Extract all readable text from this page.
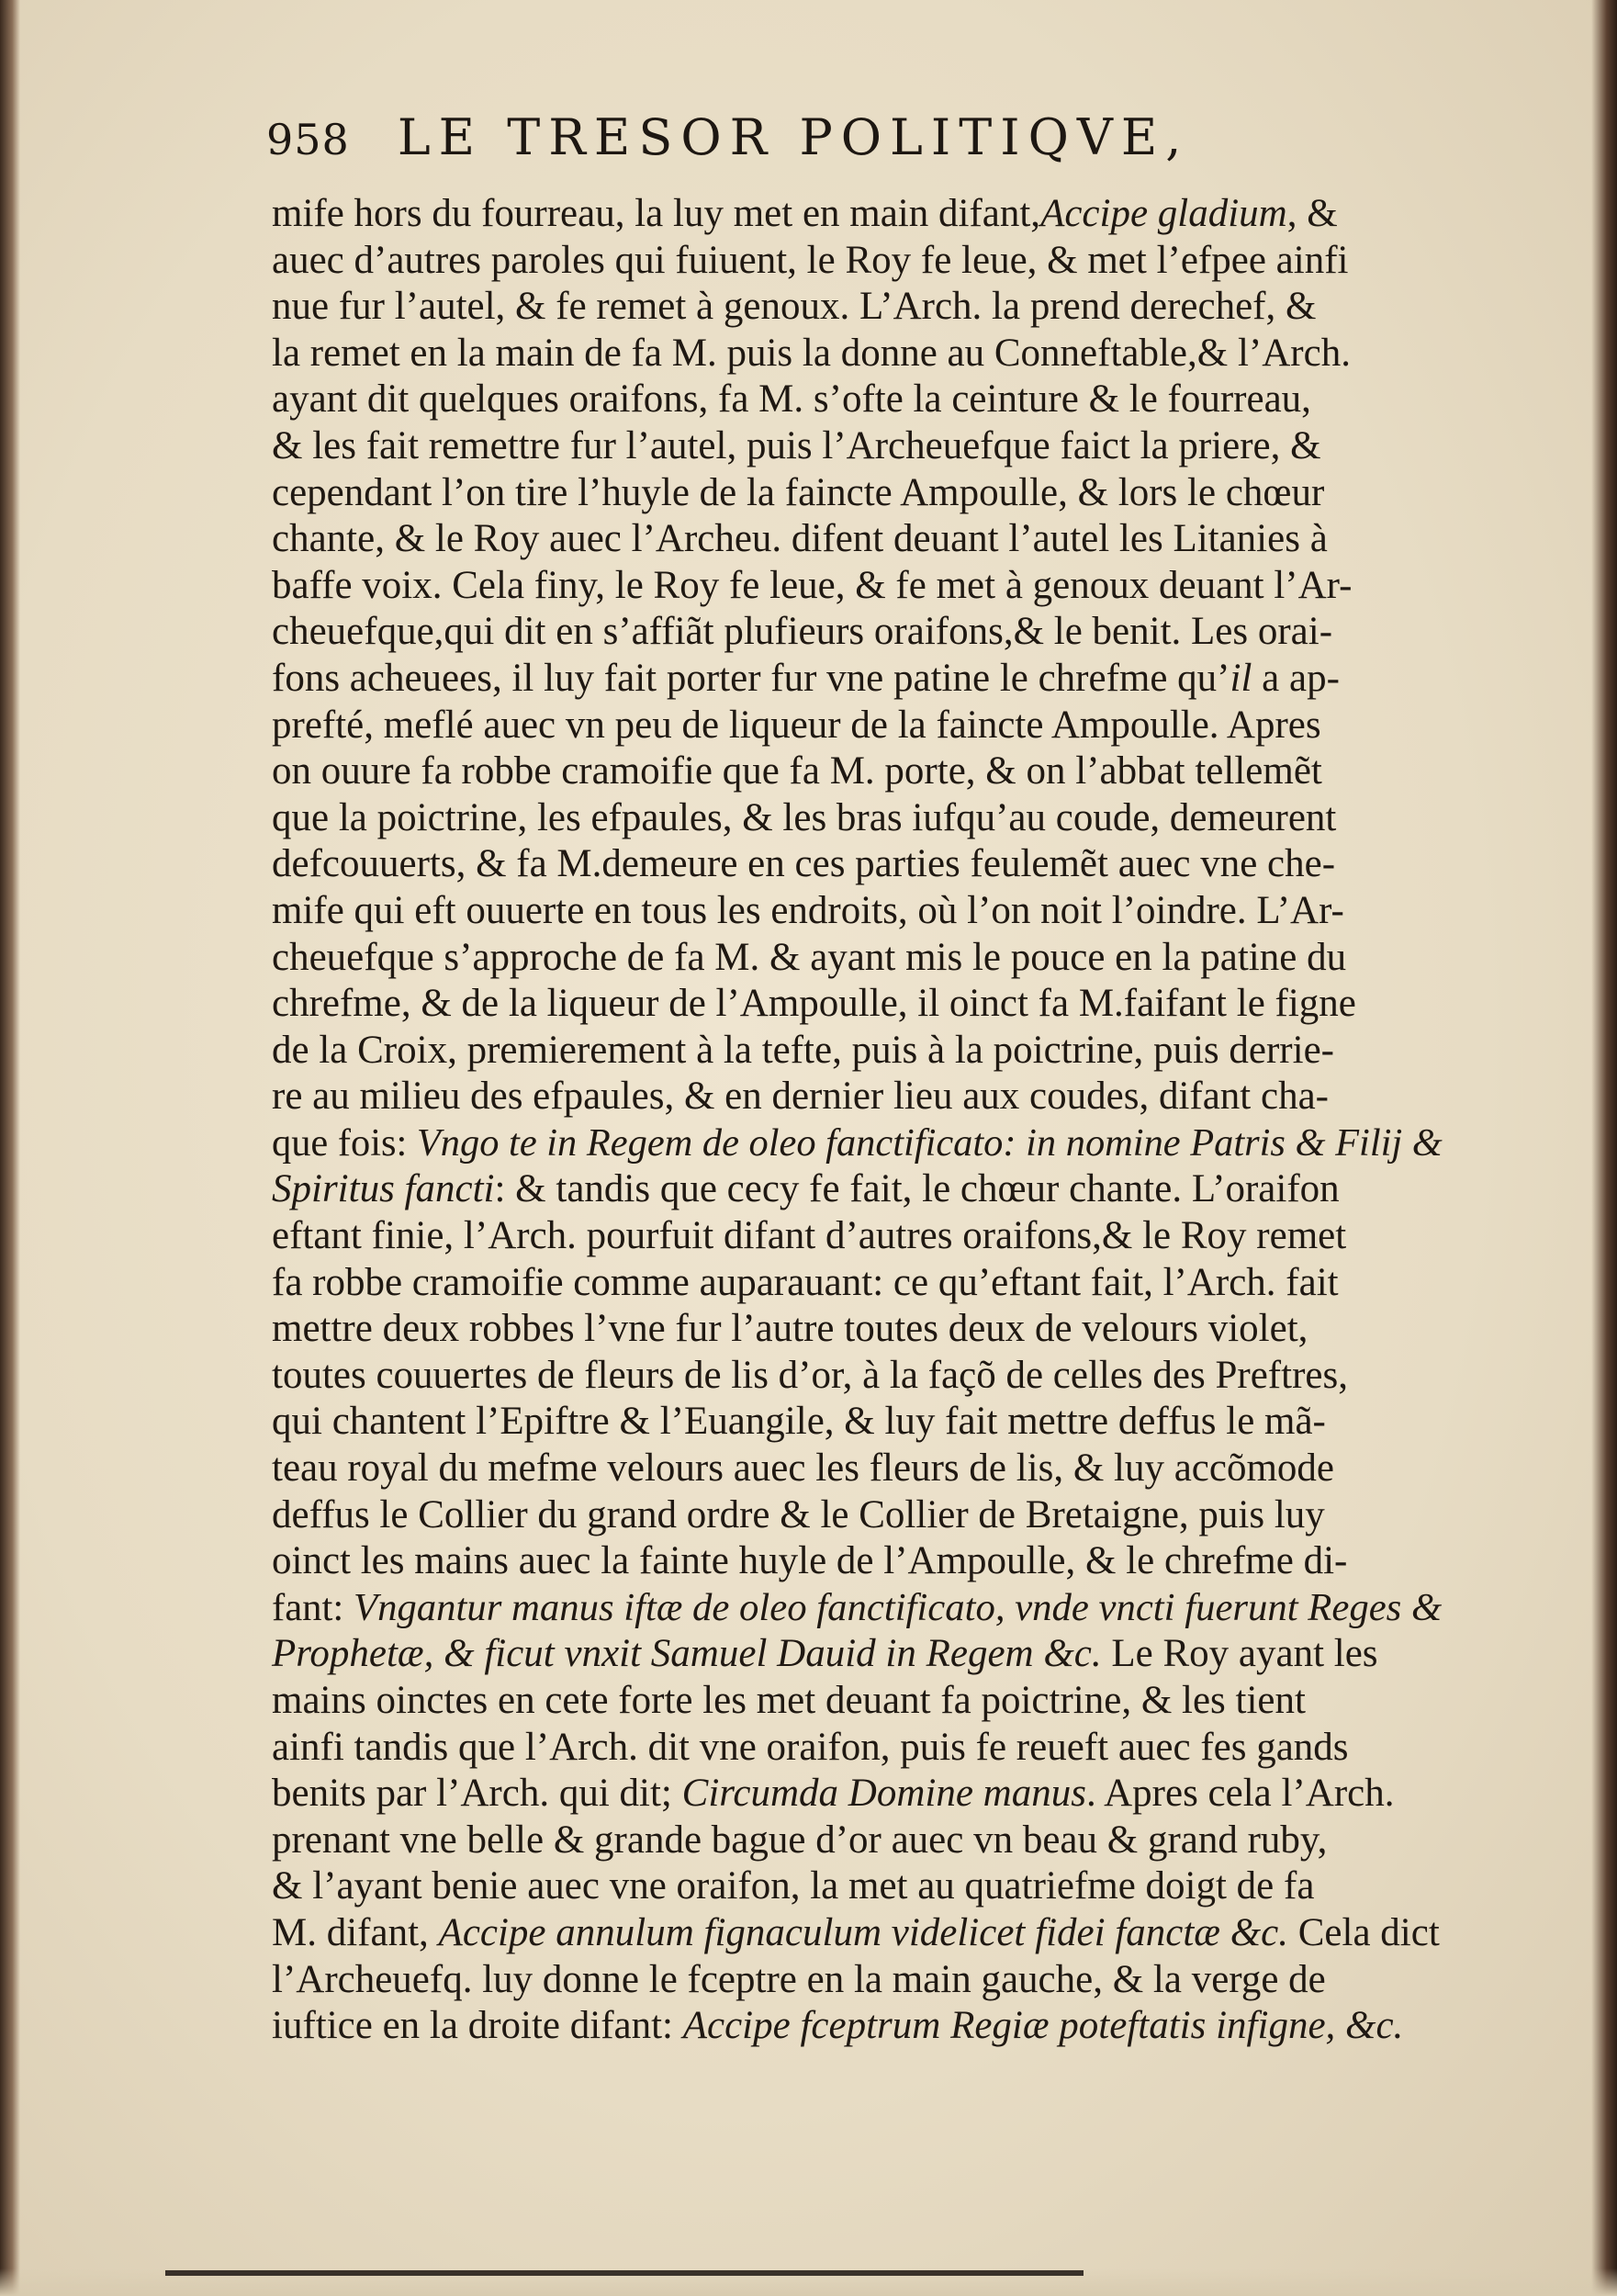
958 LE TRESOR POLITIQVE,
mife hors du fourreau, la luy met en main difant,Accipe gladium, &
auec d’autres paroles qui fuiuent, le Roy fe leue, & met l’efpee ainfi
nue fur l’autel, & fe remet à genoux. L’Arch. la prend derechef, &
la remet en la main de fa M. puis la donne au Conneftable,& l’Arch.
ayant dit quelques oraifons, fa M. s’ofte la ceinture & le fourreau,
& les fait remettre fur l’autel, puis l’Archeuefque faict la priere, &
cependant l’on tire l’huyle de la faincte Ampoulle, & lors le chœur
chante, & le Roy auec l’Archeu. difent deuant l’autel les Litanies à
baffe voix. Cela finy, le Roy fe leue, & fe met à genoux deuant l’Ar-
cheuefque,qui dit en s’affiãt plufieurs oraifons,& le benit. Les orai-
fons acheuees, il luy fait porter fur vne patine le chrefme qu’il a ap-
prefté, meflé auec vn peu de liqueur de la faincte Ampoulle. Apres
on ouure fa robbe cramoifie que fa M. porte, & on l’abbat tellemẽt
que la poictrine, les efpaules, & les bras iufqu’au coude, demeurent
defcouuerts, & fa M.demeure en ces parties feulemẽt auec vne che-
mife qui eft ouuerte en tous les endroits, où l’on noit l’oindre. L’Ar-
cheuefque s’approche de fa M. & ayant mis le pouce en la patine du
chrefme, & de la liqueur de l’Ampoulle, il oinct fa M.faifant le figne
de la Croix, premierement à la tefte, puis à la poictrine, puis derrie-
re au milieu des efpaules, & en dernier lieu aux coudes, difant cha-
que fois: Vngo te in Regem de oleo fanctificato: in nomine Patris & Filij &
Spiritus fancti: & tandis que cecy fe fait, le chœur chante. L’oraifon
eftant finie, l’Arch. pourfuit difant d’autres oraifons,& le Roy remet
fa robbe cramoifie comme auparauant: ce qu’eftant fait, l’Arch. fait
mettre deux robbes l’vne fur l’autre toutes deux de velours violet,
toutes couuertes de fleurs de lis d’or, à la façõ de celles des Preftres,
qui chantent l’Epiftre & l’Euangile, & luy fait mettre deffus le mã-
teau royal du mefme velours auec les fleurs de lis, & luy accõmode
deffus le Collier du grand ordre & le Collier de Bretaigne, puis luy
oinct les mains auec la fainte huyle de l’Ampoulle, & le chrefme di-
fant: Vngantur manus iftæ de oleo fanctificato, vnde vncti fuerunt Reges &
Prophetæ, & ficut vnxit Samuel Dauid in Regem &c. Le Roy ayant les
mains oinctes en cete forte les met deuant fa poictrine, & les tient
ainfi tandis que l’Arch. dit vne oraifon, puis fe reueft auec fes gands
benits par l’Arch. qui dit; Circumda Domine manus. Apres cela l’Arch.
prenant vne belle & grande bague d’or auec vn beau & grand ruby,
& l’ayant benie auec vne oraifon, la met au quatriefme doigt de fa
M. difant, Accipe annulum fignaculum videlicet fidei fanctæ &c. Cela dict
l’Archeuefq. luy donne le fceptre en la main gauche, & la verge de
iuftice en la droite difant: Accipe fceptrum Regiæ poteftatis infigne, &c.
